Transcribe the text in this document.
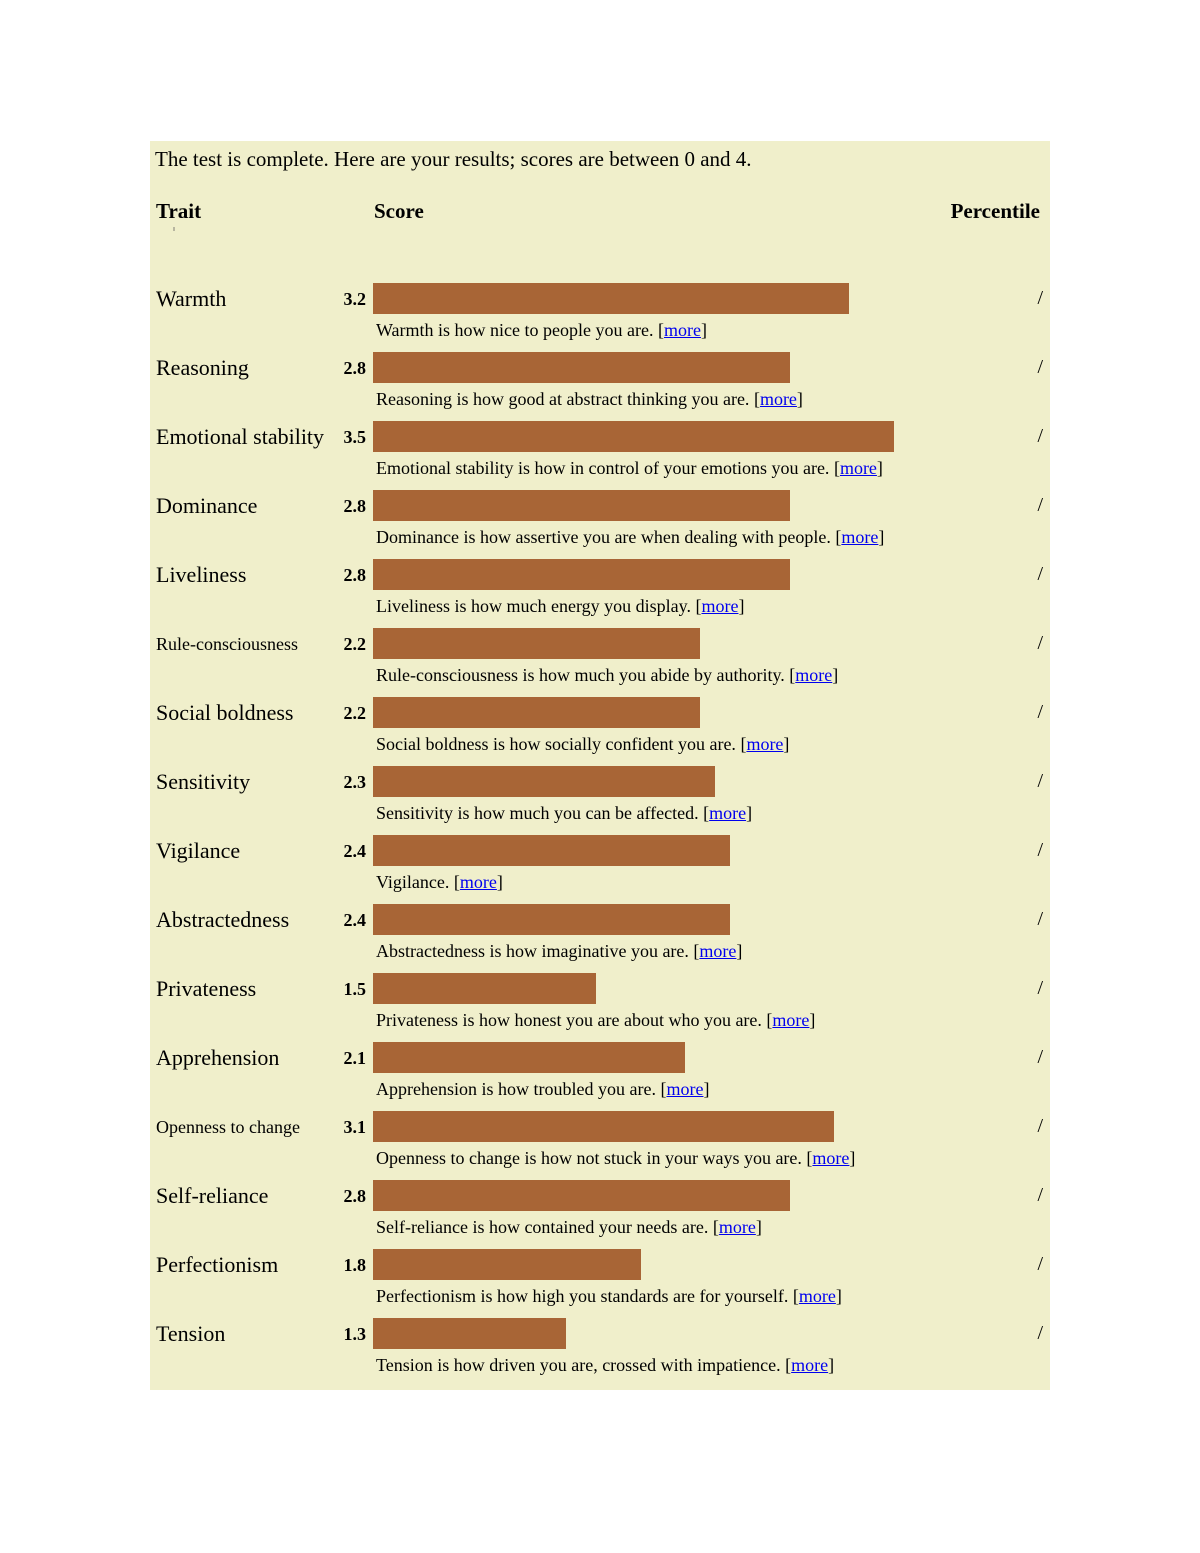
The test is complete. Here are your results; scores are between 0 and 4.
Trait	Score	Percentile
Warmth	3.2	/
Warmth is how nice to people you are. [more]
Reasoning	2.8	/
Reasoning is how good at abstract thinking you are. [more]
Emotional stability	3.5	/
Emotional stability is how in control of your emotions you are. [more]
Dominance	2.8	/
Dominance is how assertive you are when dealing with people. [more]
Liveliness	2.8	/
Liveliness is how much energy you display. [more]
Rule-consciousness	2.2	/
Rule-consciousness is how much you abide by authority. [more]
Social boldness	2.2	/
Social boldness is how socially confident you are. [more]
Sensitivity	2.3	/
Sensitivity is how much you can be affected. [more]
Vigilance	2.4	/
Vigilance. [more]
Abstractedness	2.4	/
Abstractedness is how imaginative you are. [more]
Privateness	1.5	/
Privateness is how honest you are about who you are. [more]
Apprehension	2.1	/
Apprehension is how troubled you are. [more]
Openness to change	3.1	/
Openness to change is how not stuck in your ways you are. [more]
Self-reliance	2.8	/
Self-reliance is how contained your needs are. [more]
Perfectionism	1.8	/
Perfectionism is how high you standards are for yourself. [more]
Tension	1.3	/
Tension is how driven you are, crossed with impatience. [more]
